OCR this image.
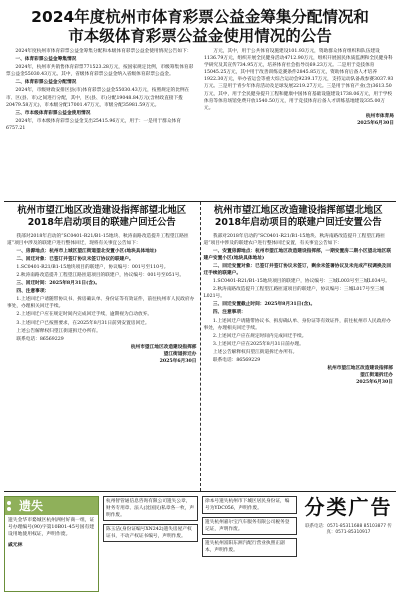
2024年度杭州市体育彩票公益金筹集分配情况和
市本级体育彩票公益金使用情况的公告

2024年度杭州市体育彩票公益金筹集分配和本级体育彩票公益金使用情况公告如下：

一、体育彩票公益金筹集情况

2024年，杭州市共销售体育彩票771523.28万元，按国家规定比例，市级筹集体育彩票公益金55030.43万元。其中，省级体育彩票公益金纳入省级体育彩票公益金。

二、体育彩票公益金分配情况

2024年，市级财政安排区县(市)体育彩票公益金55030.43万元，按照规定的比例在市、区(县、市)之间进行分配，其中，区(县、市)分配19048.84万元(含财政直接下拨20479.58万元)，市本级分配17001.47万元，市级分配35981.59万元。

三、市本级体育彩票公益金使用情况

2024年，市本级体育彩票公益金支出25415.96万元，用于：一是用于群众体育6757.21

万元，其中，用于公共体育设施建设101.93万元，资助群众体育组织和队伍建设1136.79万元，组织开展全民健身活动4712.90万元，组织开展国民体质监测和全民健身科学研究及其宣传734.95万元，培养体育社会指导员69.23万元。二是用于竞技体育15045.25万元，其中用于改善训练竞赛条件2845.85万元，资助体育后备人才培养1922.30万元，举办省运会等重大综合运动会9239.17万元，支持运动队备战参赛3037.93万元。三是用于青少年体育活动及足球发展2219.27万元。三是用于体育产业(含)3613.50万元，其中，用于全民健身提升工程和健康中国体育基础设施建设1738.06万元，用于学校体育等体育场馆免费开放1540.50万元，用于竞技体育后备人才训练基地建设335.00万元。

杭州市体育局
2025年6月30日
杭州市望江地区改造建设指挥部望北地区
2018年启动项目的联建户回迁公告

我部对2018年启动的“SC0401-R21/B1-15地块、秋涛南路改造提升工程望江路匝道”项目中涉及的联建户进行整体回迁，现将有关事宜公告如下：

一、房源地点：杭州市上城区望江街道望北安置小区(地块具体地址)

二、回迁对象：已签订并签订协议未签订协议的联建户。

1.SC0401-R21/B1-15地块项目的联建户，协议编号：001号至110号。

2.秋涛南路改造提升工程望江路匝道项目的联建户，协议编号：001号至051号。

三、回迁时间：2025年8月31日(含)。

四、注意事项：

1.上述回迁户请随带协议书、拆房确认单、身份证等有效证件，前往杭州市人民政府办事处，办理相关回迁手续。

2.上述回迁户应在规定时间内完成回迁手续，逾期视为自动放弃。

3.上述回迁户已按照要求，在2025年8月31日前到安置房回迁。

上述公告解释权归望江街道拆迁办所有。

联系电话：86569229

杭州市望江地区改造建设指挥部
望江街道拆迁办
2025年6月30日
杭州市望江地区改造建设指挥部望北地区
2018年启动项目的联建户回迁安置公告

我部对2018年启动的“SC0401-R21/B1-15地块、秋涛南路改造提升工程望江路匝道”项目中涉及的联建农户进行整体回迁安置，有关事宜公告如下：

一、安置房源地点：杭州市望江地区改造建设指挥部，一期安置房二期小区望北地区联建户安置小区(地块具体地址)

二、回迁安置对象：已签订并签订协议未签订，剩余未签署协议及未完成产权调换及回迁手续的联建户。

1.SC0401-R21/B1-15地块项目的联建户，协议编号：三城L003号至三城L034号。

2.秋涛南路改造提升工程望江路匝道项目的联建户，协议编号：三城L017号至三城L021号。

三、回迁安置截止时间：2025年8月31日(含)。

四、注意事项：

1.上述回迁户请随带协议书、拆房确认单、身份证等有效证件，前往杭州市人民政府办事处，办理相关回迁手续。

2.上述回迁户应在规定时间内完成回迁手续。

3.上述回迁户应在2025年8月31日前办理。

上述公告解释权归望江街道拆迁办所有。

联系电话：86569229

杭州市望江地区改造建设指挥部
望江街道拆迁办
2025年6月30日
遗失
遗失金华市婺城区杭州洲村好商一组，证号办理编号(90)字第10B01-45号国有建设用地使用权证，声明作废。
戚元林
杭州智管通信息咨询有限公司遗失公章，财务专用章、法人(沈国民)私章各一枚，声明作废。
陈玉洁(身份证编号XN242)遗失房屋产权证书，不动产权证书编号，声明作废。
徐本号遗失杭州市下城区居民身份证，编号为YDC056，声明作废。
遗失杭州嘉尔宝汽车服务有限公司税务登记证，声明作废。
遗失杭州富阳东洲汽配行营业执照正副本，声明作废。
分类广告
联系电话：0571-85311688 85103877 传真：0571-85310917
